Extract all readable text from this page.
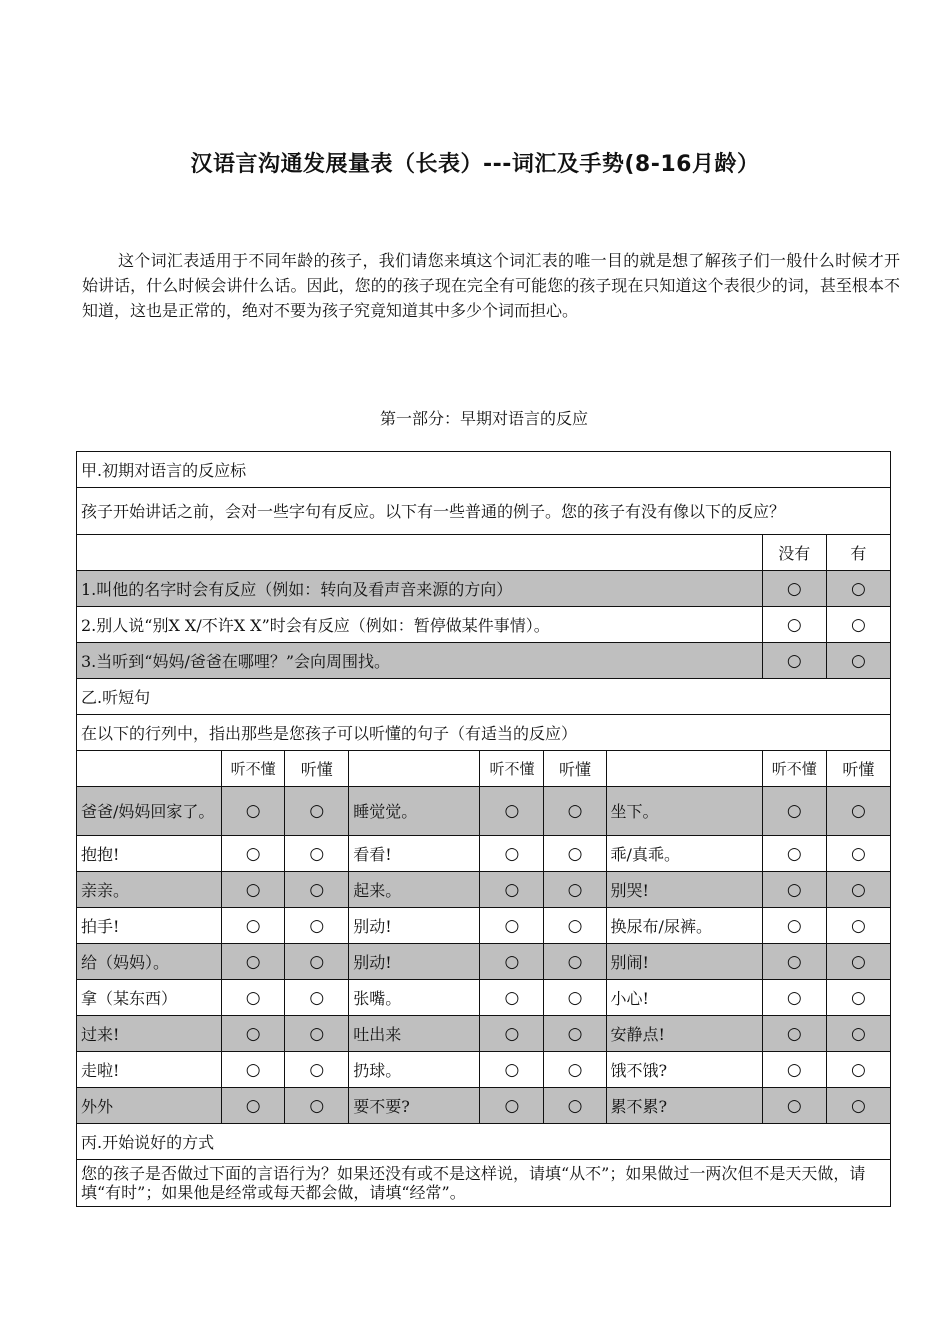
汉语言沟通发展量表（长表）---词汇及手势(8-16月龄）
这个词汇表适用于不同年龄的孩子，我们请您来填这个词汇表的唯一目的就是想了解孩子们一般什么时候才开始讲话，什么时候会讲什么话。因此，您的的孩子现在完全有可能您的孩子现在只知道这个表很少的词，甚至根本不知道，这也是正常的，绝对不要为孩子究竟知道其中多少个词而担心。
第一部分：早期对语言的反应
甲.初期对语言的反应标								
孩子开始讲话之前，会对一些字句有反应。以下有一些普通的例子。您的孩子有没有像以下的反应？								
							没有	有
1.叫他的名字时会有反应（例如：转向及看声音来源的方向）							○	○
2.别人说“别X X/不许X X”时会有反应（例如：暂停做某件事情）。							○	○
3.当听到“妈妈/爸爸在哪哩？”会向周围找。							○	○
乙.听短句								
在以下的行列中，指出那些是您孩子可以听懂的句子（有适当的反应）								
	听不懂	听懂		听不懂	听懂		听不懂	听懂
爸爸/妈妈回家了。	○	○	睡觉觉。	○	○	坐下。	○	○
抱抱!	○	○	看看!	○	○	乖/真乖。	○	○
亲亲。	○	○	起来。	○	○	别哭!	○	○
拍手!	○	○	别动!	○	○	换尿布/尿裤。	○	○
给（妈妈）。	○	○	别动!	○	○	别闹!	○	○
拿（某东西）	○	○	张嘴。	○	○	小心!	○	○
过来!	○	○	吐出来	○	○	安静点!	○	○
走啦!	○	○	扔球。	○	○	饿不饿?	○	○
外外	○	○	要不要?	○	○	累不累?	○	○
丙.开始说好的方式								
您的孩子是否做过下面的言语行为？如果还没有或不是这样说，请填“从不”；如果做过一两次但不是天天做，请填“有时”；如果他是经常或每天都会做，请填“经常”。								
